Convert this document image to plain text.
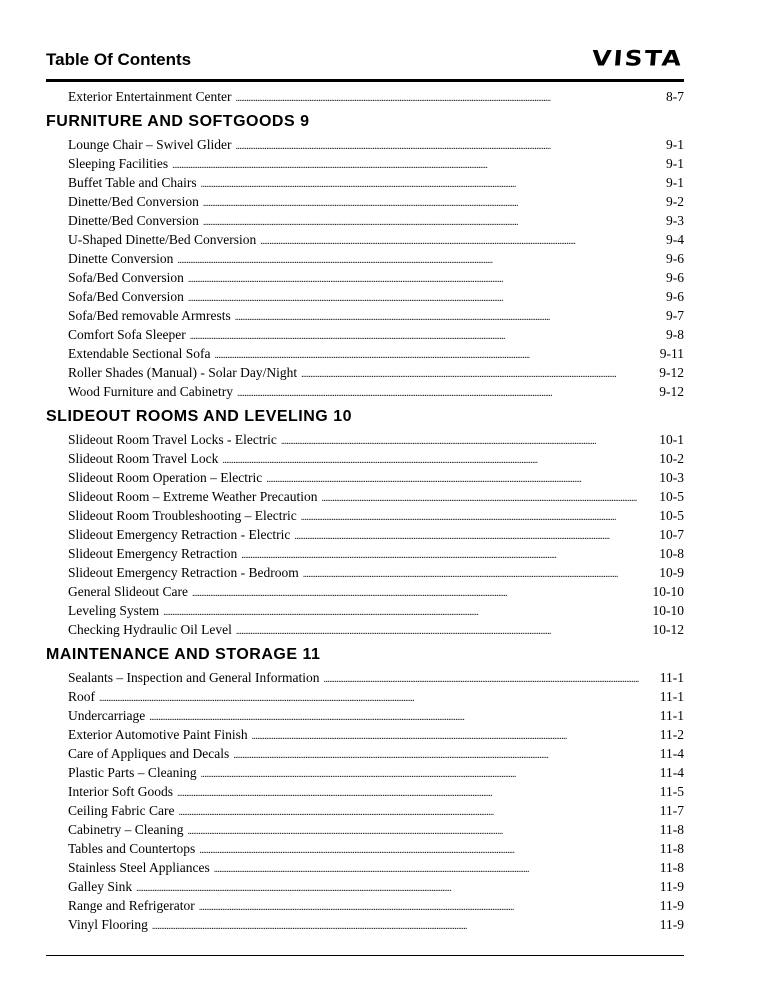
Table Of Contents	VISTA
Exterior Entertainment Center . . .	8-7
FURNITURE AND SOFTGOODS 9
Lounge Chair – Swivel Glider . . .	9-1
Sleeping Facilities . . .	9-1
Buffet Table and Chairs . . .	9-1
Dinette/Bed Conversion . . .	9-2
Dinette/Bed Conversion . . .	9-3
U-Shaped Dinette/Bed Conversion . . .	9-4
Dinette Conversion . . .	9-6
Sofa/Bed Conversion . . .	9-6
Sofa/Bed Conversion . . .	9-6
Sofa/Bed removable Armrests . . .	9-7
Comfort Sofa Sleeper . . .	9-8
Extendable Sectional Sofa . . .	9-11
Roller Shades (Manual) - Solar Day/Night . . .	9-12
Wood Furniture and Cabinetry . . .	9-12
SLIDEOUT ROOMS AND LEVELING 10
Slideout Room Travel Locks - Electric . . .	10-1
Slideout Room Travel Lock . . .	10-2
Slideout Room Operation – Electric . . .	10-3
Slideout Room – Extreme Weather Precaution . . .	10-5
Slideout Room Troubleshooting – Electric . . .	10-5
Slideout Emergency Retraction - Electric . . .	10-7
Slideout Emergency Retraction . . .	10-8
Slideout Emergency Retraction - Bedroom . . .	10-9
General Slideout Care . . .	10-10
Leveling System . . .	10-10
Checking Hydraulic Oil Level . . .	10-12
MAINTENANCE AND STORAGE 11
Sealants – Inspection and General Information . . .	11-1
Roof . . .	11-1
Undercarriage . . .	11-1
Exterior Automotive Paint Finish . . .	11-2
Care of Appliques and Decals . . .	11-4
Plastic Parts – Cleaning . . .	11-4
Interior Soft Goods . . .	11-5
Ceiling Fabric Care . . .	11-7
Cabinetry – Cleaning . . .	11-8
Tables and Countertops . . .	11-8
Stainless Steel Appliances . . .	11-8
Galley Sink . . .	11-9
Range and Refrigerator . . .	11-9
Vinyl Flooring . . .	11-9
